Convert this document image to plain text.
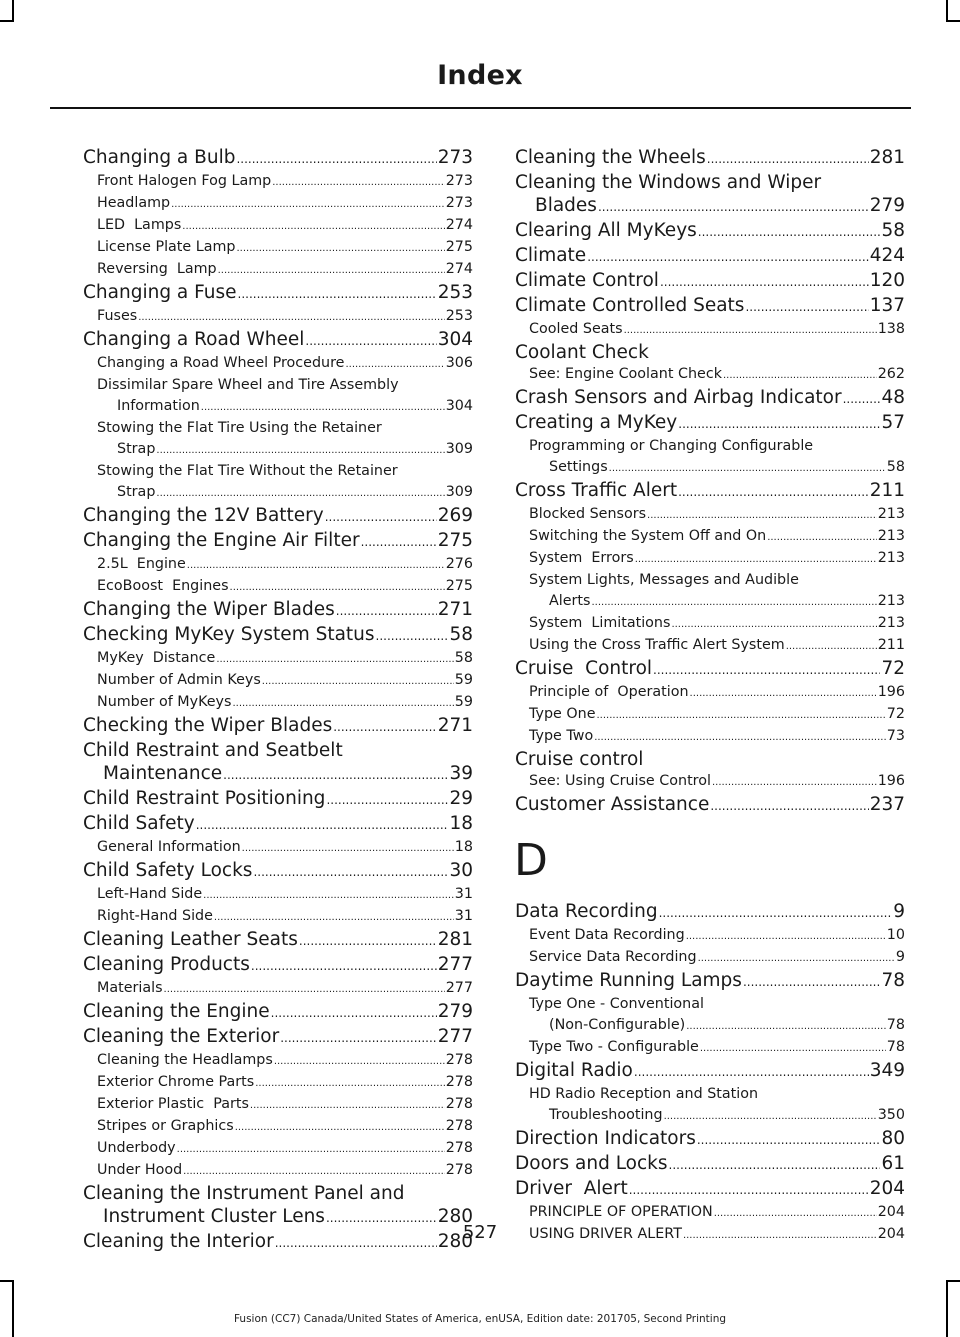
Index
Changing a Bulb .....	273
Front Halogen Fog Lamp .....	273
Headlamp .....	273
LED  Lamps .....	274
License Plate Lamp .....	275
Reversing  Lamp .....	274
Changing a Fuse .....	253
Fuses .....	253
Changing a Road Wheel .....	304
Changing a Road Wheel Procedure .....	306
Dissimilar Spare Wheel and Tire Assembly
Information .....	304
Stowing the Flat Tire Using the Retainer
Strap .....	309
Stowing the Flat Tire Without the Retainer
Strap .....	309
Changing the 12V Battery .....	269
Changing the Engine Air Filter .....	275
2.5L  Engine .....	276
EcoBoost  Engines .....	275
Changing the Wiper Blades .....	271
Checking MyKey System Status .....	58
MyKey  Distance .....	58
Number of Admin Keys .....	59
Number of MyKeys .....	59
Checking the Wiper Blades .....	271
Child Restraint and Seatbelt
Maintenance .....	39
Child Restraint Positioning .....	29
Child Safety .....	18
General Information .....	18
Child Safety Locks .....	30
Left-Hand Side .....	31
Right-Hand Side .....	31
Cleaning Leather Seats .....	281
Cleaning Products .....	277
Materials .....	277
Cleaning the Engine .....	279
Cleaning the Exterior .....	277
Cleaning the Headlamps .....	278
Exterior Chrome Parts .....	278
Exterior Plastic  Parts .....	278
Stripes or Graphics .....	278
Underbody .....	278
Under Hood .....	278
Cleaning the Instrument Panel and
Instrument Cluster Lens .....	280
Cleaning the Interior .....	280
Cleaning the Wheels .....	281
Cleaning the Windows and Wiper
Blades .....	279
Clearing All MyKeys .....	58
Climate .....	424
Climate Control .....	120
Climate Controlled Seats .....	137
Cooled Seats .....	138
Coolant Check
See: Engine Coolant Check .....	262
Crash Sensors and Airbag Indicator ..... 48
Creating a MyKey .....	57
Programming or Changing Configurable
Settings .....	58
Cross Traffic Alert .....	211
Blocked Sensors .....	213
Switching the System Off and On .....	213
System  Errors .....	213
System Lights, Messages and Audible
Alerts .....	213
System  Limitations .....	213
Using the Cross Traffic Alert System .....	211
Cruise  Control .....	72
Principle of  Operation .....	196
Type One .....	72
Type Two .....	73
Cruise control
See: Using Cruise Control .....	196
Customer Assistance .....	237
D
Data Recording .....	9
Event Data Recording .....	10
Service Data Recording .....	9
Daytime Running Lamps .....	78
Type One - Conventional
(Non-Configurable) .....	78
Type Two - Configurable .....	78
Digital Radio .....	349
HD Radio Reception and Station
Troubleshooting .....	350
Direction Indicators .....	80
Doors and Locks .....	61
Driver  Alert .....	204
PRINCIPLE OF OPERATION .....	204
USING DRIVER ALERT .....	204
527
Fusion (CC7) Canada/United States of America, enUSA, Edition date: 201705, Second Printing
